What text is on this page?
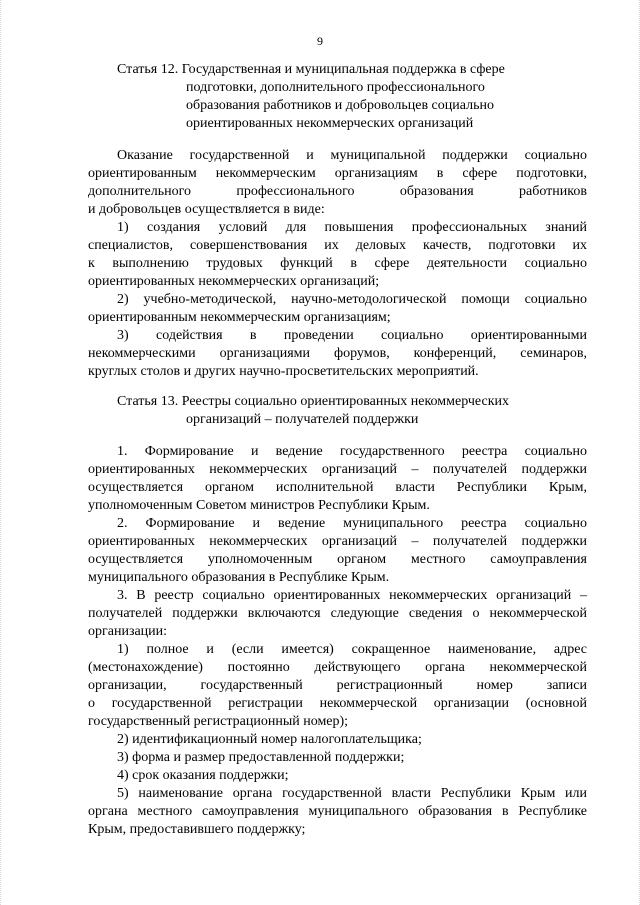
9
Статья 12. Государственная и муниципальная поддержка в сфере
подготовки, дополнительного профессионального
образования работников и добровольцев социально
ориентированных некоммерческих организаций
Оказание государственной и муниципальной поддержки социально
ориентированным некоммерческим организациям в сфере подготовки,
дополнительного профессионального образования работников
и добровольцев осуществляется в виде:
1) создания условий для повышения профессиональных знаний
специалистов, совершенствования их деловых качеств, подготовки их
к выполнению трудовых функций в сфере деятельности социально
ориентированных некоммерческих организаций;
2) учебно-методической, научно-методологической помощи социально
ориентированным некоммерческим организациям;
3) содействия в проведении социально ориентированными
некоммерческими организациями форумов, конференций, семинаров,
круглых столов и других научно-просветительских мероприятий.
Статья 13. Реестры социально ориентированных некоммерческих
организаций – получателей поддержки
1. Формирование и ведение государственного реестра социально
ориентированных некоммерческих организаций – получателей поддержки
осуществляется органом исполнительной власти Республики Крым,
уполномоченным Советом министров Республики Крым.
2. Формирование и ведение муниципального реестра социально
ориентированных некоммерческих организаций – получателей поддержки
осуществляется уполномоченным органом местного самоуправления
муниципального образования в Республике Крым.
3. В реестр социально ориентированных некоммерческих организаций –
получателей поддержки включаются следующие сведения о некоммерческой
организации:
1) полное и (если имеется) сокращенное наименование, адрес
(местонахождение) постоянно действующего органа некоммерческой
организации, государственный регистрационный номер записи
о государственной регистрации некоммерческой организации (основной
государственный регистрационный номер);
2) идентификационный номер налогоплательщика;
3) форма и размер предоставленной поддержки;
4) срок оказания поддержки;
5) наименование органа государственной власти Республики Крым или
органа местного самоуправления муниципального образования в Республике
Крым, предоставившего поддержку;
